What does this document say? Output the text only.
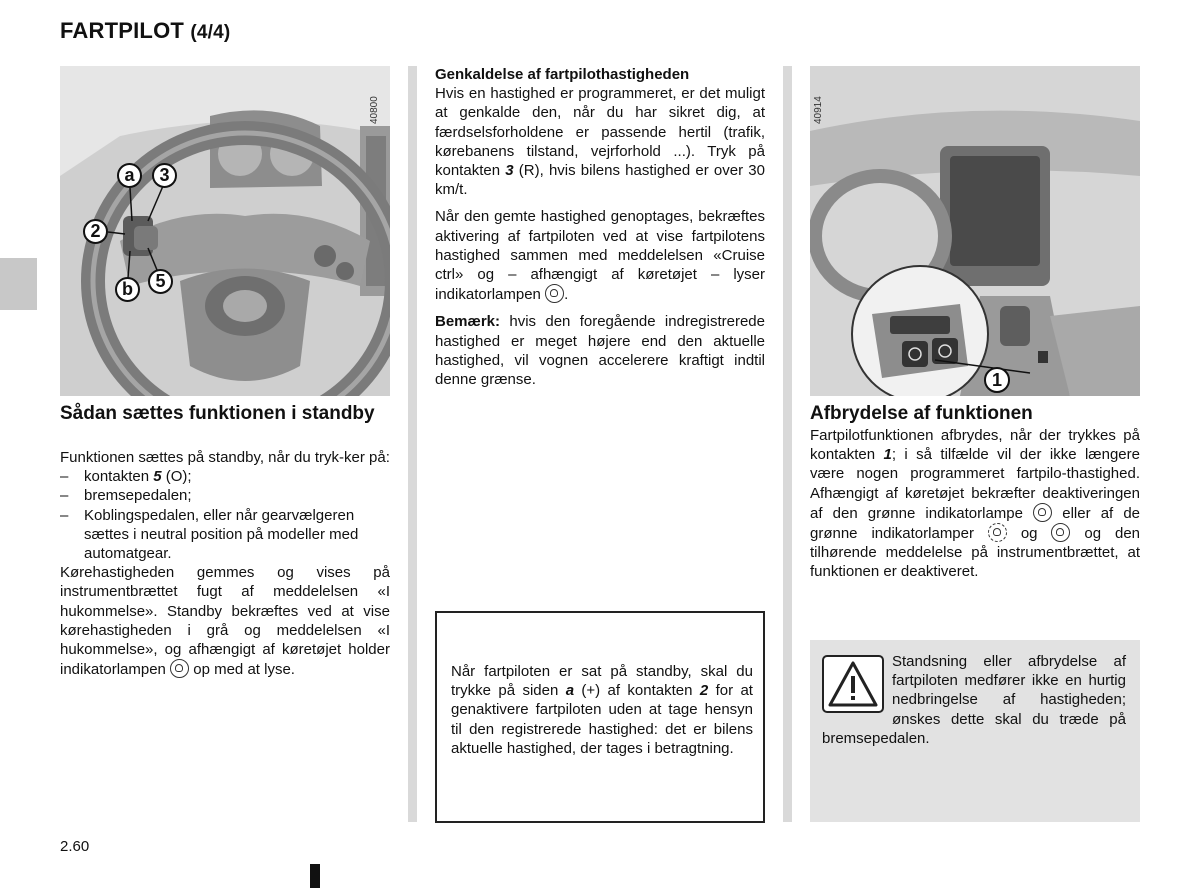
FARTPILOT (4/4)
40800
a	3
2
5
b
Sådan sættes funktionen i standby

Funktionen sættes på standby, når du tryk-ker på:

–	kontakten 5 (O);
–	bremsepedalen;
–	Koblingspedalen, eller når gearvælgeren sættes i neutral position på modeller med automatgear.

Kørehastigheden gemmes og vises på instrumentbrættet fugt af meddelelsen «I hukommelse». Standby bekræftes ved at vise kørehastigheden i grå og meddelelsen «I hukommelse», og afhængigt af køretøjet holder indikatorlampen  op med at lyse.

Genkaldelse af fartpilothastigheden

Hvis en hastighed er programmeret, er det muligt at genkalde den, når du har sikret dig, at færdselsforholdene er passende hertil (trafik, kørebanens tilstand, vejrforhold ...). Tryk på kontakten 3 (R), hvis bilens hastighed er over 30 km/t.

Når den gemte hastighed genoptages, bekræftes aktivering af fartpiloten ved at vise fartpilotens hastighed sammen med meddelelsen «Cruise ctrl» og – afhængigt af køretøjet – lyser indikatorlampen .

Bemærk: hvis den foregående indregistrerede hastighed er meget højere end den aktuelle hastighed, vil vognen accelerere kraftigt indtil denne grænse.

Når fartpiloten er sat på standby, skal du trykke på siden a (+) af kontakten 2 for at genaktivere fartpiloten uden at tage hensyn til den registrerede hastighed: det er bilens aktuelle hastighed, der tages i betragtning.
40914
1
Afbrydelse af funktionen
Fartpilotfunktionen afbrydes, når der trykkes på kontakten 1; i så tilfælde vil der ikke længere være nogen programmeret fartpilo-thastighed. Afhængigt af køretøjet bekræfter deaktiveringen af den grønne indikatorlampe  eller af de grønne indikatorlamper	og  og den tilhørende meddelelse på instrumentbrættet, at funktionen er deaktiveret.
Standsning eller afbrydelse af fartpiloten medfører ikke en hurtig nedbringelse af hastigheden; ønskes dette skal du træde på bremsepedalen.
2.60
